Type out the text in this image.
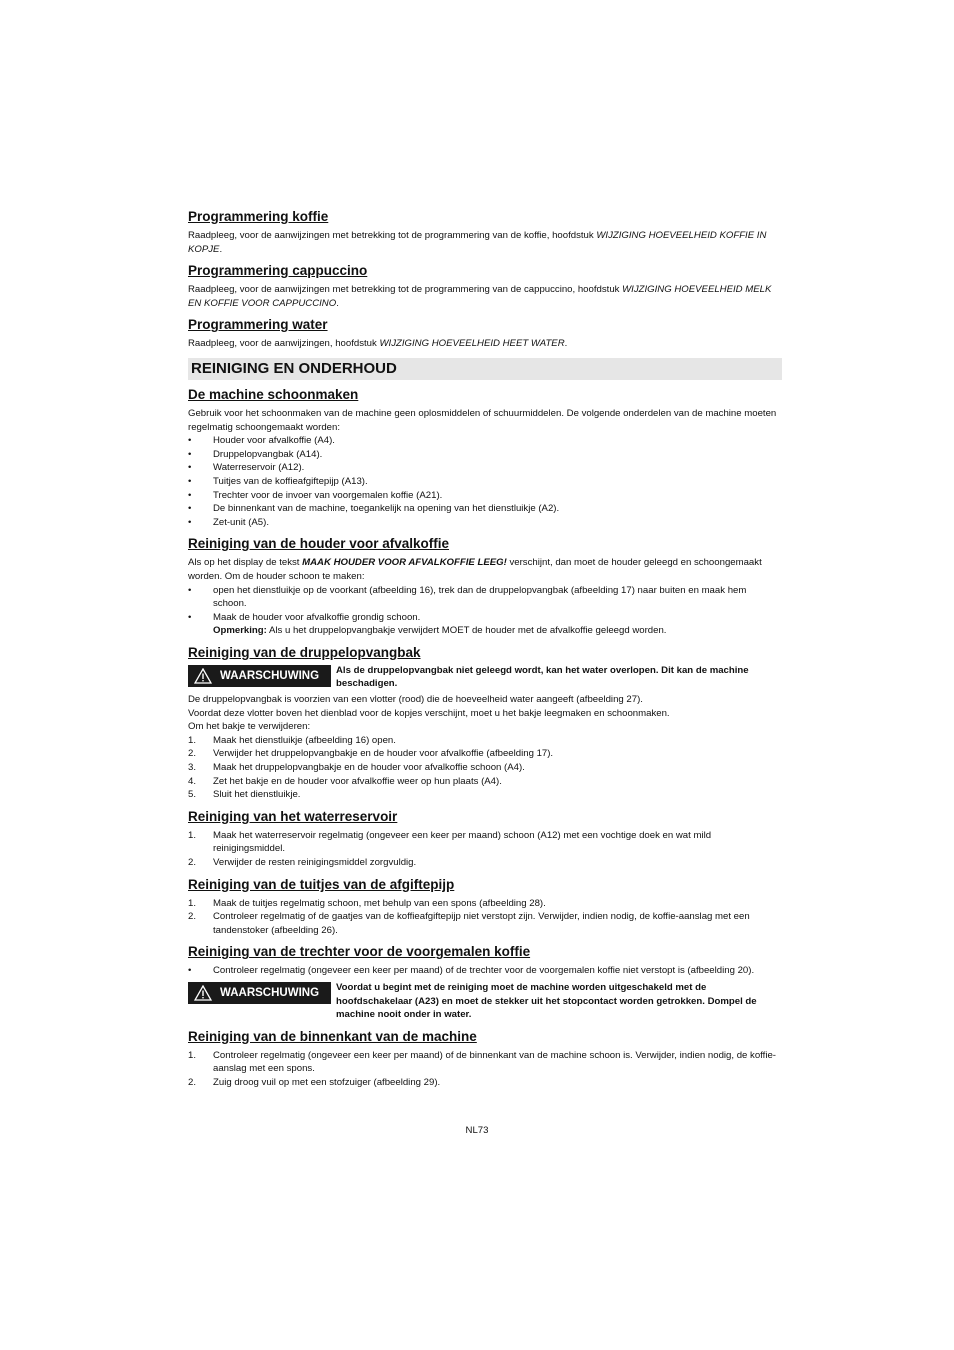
Programmering koffie

Raadpleeg, voor de aanwijzingen met betrekking tot de programmering van de koffie, hoofdstuk WIJZIGING HOEVEELHEID KOFFIE IN KOPJE.

Programmering cappuccino

Raadpleeg, voor de aanwijzingen met betrekking tot de programmering van de cappuccino, hoofdstuk WIJZIGING HOEVEELHEID MELK EN KOFFIE VOOR CAPPUCCINO.

Programmering water

Raadpleeg, voor de aanwijzingen, hoofdstuk WIJZIGING HOEVEELHEID HEET WATER.

REINIGING EN ONDERHOUD
De machine schoonmaken

Gebruik voor het schoonmaken van de machine geen oplosmiddelen of schuurmiddelen. De volgende onderdelen van de machine moeten regelmatig schoongemaakt worden:

• Houder voor afvalkoffie (A4).
• Druppelopvangbak (A14).
• Waterreservoir (A12).
• Tuitjes van de koffieafgiftepijp (A13).
• Trechter voor de invoer van voorgemalen koffie (A21).
• De binnenkant van de machine, toegankelijk na opening van het dienstluikje (A2).
• Zet-unit (A5).
Reiniging van de houder voor afvalkoffie

Als op het display de tekst MAAK HOUDER VOOR AFVALKOFFIE LEEG! verschijnt, dan moet de houder geleegd en schoongemaakt worden. Om de houder schoon te maken:

• open het dienstluikje op de voorkant (afbeelding 16), trek dan de druppelopvangbak (afbeelding 17) naar buiten en maak hem schoon.
• Maak de houder voor afvalkoffie grondig schoon.
Opmerking: Als u het druppelopvangbakje verwijdert MOET de houder met de afvalkoffie geleegd worden.
Reiniging van de druppelopvangbak
WAARSCHUWING Als de druppelopvangbak niet geleegd wordt, kan het water overlopen. Dit kan de machine beschadigen.

De druppelopvangbak is voorzien van een vlotter (rood) die de hoeveelheid water aangeeft (afbeelding 27).

Voordat deze vlotter boven het dienblad voor de kopjes verschijnt, moet u het bakje leegmaken en schoonmaken.

Om het bakje te verwijderen:

1. Maak het dienstluikje (afbeelding 16) open.
2. Verwijder het druppelopvangbakje en de houder voor afvalkoffie (afbeelding 17).
3. Maak het druppelopvangbakje en de houder voor afvalkoffie schoon (A4).
4. Zet het bakje en de houder voor afvalkoffie weer op hun plaats (A4).
5. Sluit het dienstluikje.
Reiniging van het waterreservoir
1. Maak het waterreservoir regelmatig (ongeveer een keer per maand) schoon (A12) met een vochtige doek en wat mild reinigingsmiddel.
2. Verwijder de resten reinigingsmiddel zorgvuldig.
Reiniging van de tuitjes van de afgiftepijp
1. Maak de tuitjes regelmatig schoon, met behulp van een spons (afbeelding 28).
2. Controleer regelmatig of de gaatjes van de koffieafgiftepijp niet verstopt zijn. Verwijder, indien nodig, de koffie-aanslag met een tandenstoker (afbeelding 26).
Reiniging van de trechter voor de voorgemalen koffie
• Controleer regelmatig (ongeveer een keer per maand) of de trechter voor de voorgemalen koffie niet verstopt is (afbeelding 20).
WAARSCHUWING Voordat u begint met de reiniging moet de machine worden uitgeschakeld met de hoofdschakelaar (A23) en moet de stekker uit het stopcontact worden getrokken. Dompel de machine nooit onder in water.
Reiniging van de binnenkant van de machine
1. Controleer regelmatig (ongeveer een keer per maand) of de binnenkant van de machine schoon is. Verwijder, indien nodig, de koffie-aanslag met een spons.
2. Zuig droog vuil op met een stofzuiger (afbeelding 29).
NL73
